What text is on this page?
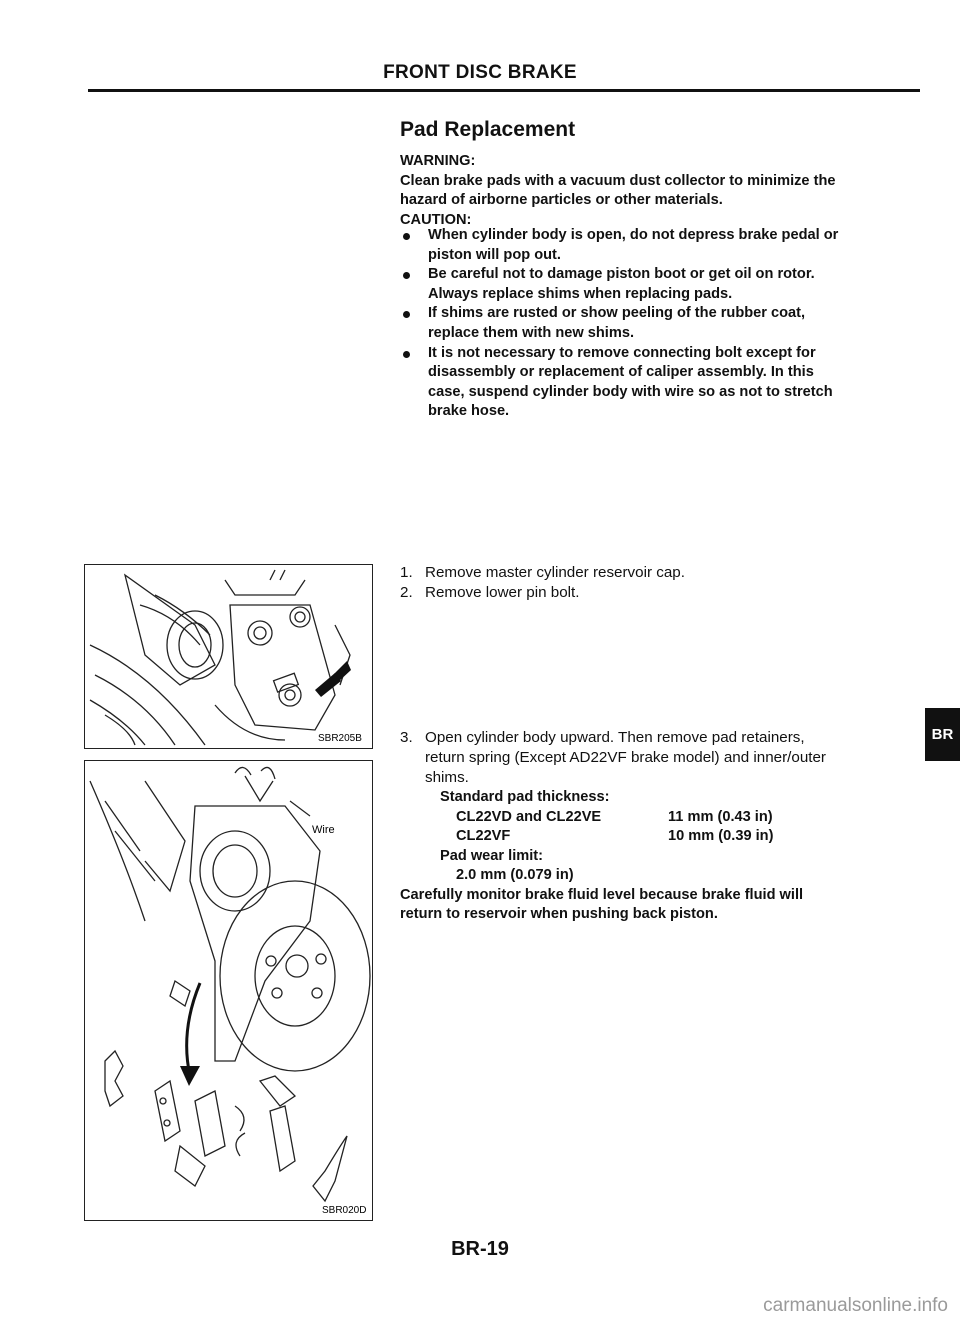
FRONT DISC BRAKE
Pad Replacement
WARNING:
Clean brake pads with a vacuum dust collector to minimize the
hazard of airborne particles or other materials.
CAUTION:
When cylinder body is open, do not depress brake pedal or
piston will pop out.
Be careful not to damage piston boot or get oil on rotor.
Always replace shims when replacing pads.
If shims are rusted or show peeling of the rubber coat,
replace them with new shims.
It is not necessary to remove connecting bolt except for
disassembly or replacement of caliper assembly. In this
case, suspend cylinder body with wire so as not to stretch
brake hose.
SBR205B
Wire
SBR020D
1. Remove master cylinder reservoir cap.
2. Remove lower pin bolt.
3. Open cylinder body upward. Then remove pad retainers,
return spring (Except AD22VF brake model) and inner/outer
shims.
Standard pad thickness:
CL22VD and CL22VE	11 mm (0.43 in)
CL22VF	10 mm (0.39 in)
Pad wear limit:
2.0 mm (0.079 in)
Carefully monitor brake fluid level because brake fluid will
return to reservoir when pushing back piston.
BR
BR-19
carmanualsonline.info
